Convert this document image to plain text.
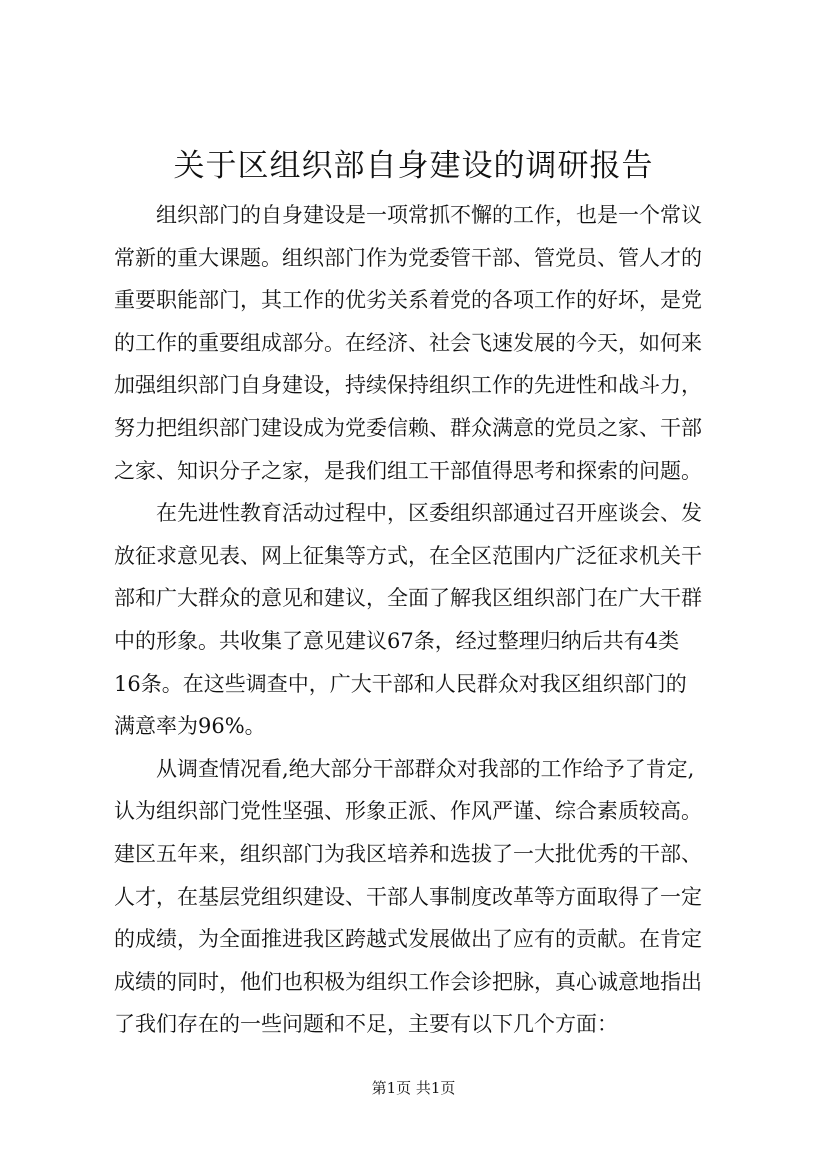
关于区组织部自身建设的调研报告

组织部门的自身建设是一项常抓不懈的工作，也是一个常议
常新的重大课题。组织部门作为党委管干部、管党员、管人才的
重要职能部门，其工作的优劣关系着党的各项工作的好坏，是党
的工作的重要组成部分。在经济、社会飞速发展的今天，如何来
加强组织部门自身建设，持续保持组织工作的先进性和战斗力，
努力把组织部门建设成为党委信赖、群众满意的党员之家、干部
之家、知识分子之家，是我们组工干部值得思考和探索的问题。

在先进性教育活动过程中，区委组织部通过召开座谈会、发
放征求意见表、网上征集等方式，在全区范围内广泛征求机关干
部和广大群众的意见和建议，全面了解我区组织部门在广大干群
中的形象。共收集了意见建议67条，经过整理归纳后共有4类
16条。在这些调查中，广大干部和人民群众对我区组织部门的
满意率为96%。

从调查情况看,绝大部分干部群众对我部的工作给予了肯定,
认为组织部门党性坚强、形象正派、作风严谨、综合素质较高。
建区五年来，组织部门为我区培养和选拔了一大批优秀的干部、
人才，在基层党组织建设、干部人事制度改革等方面取得了一定
的成绩，为全面推进我区跨越式发展做出了应有的贡献。在肯定
成绩的同时，他们也积极为组织工作会诊把脉，真心诚意地指出
了我们存在的一些问题和不足，主要有以下几个方面：

第1页 共1页
